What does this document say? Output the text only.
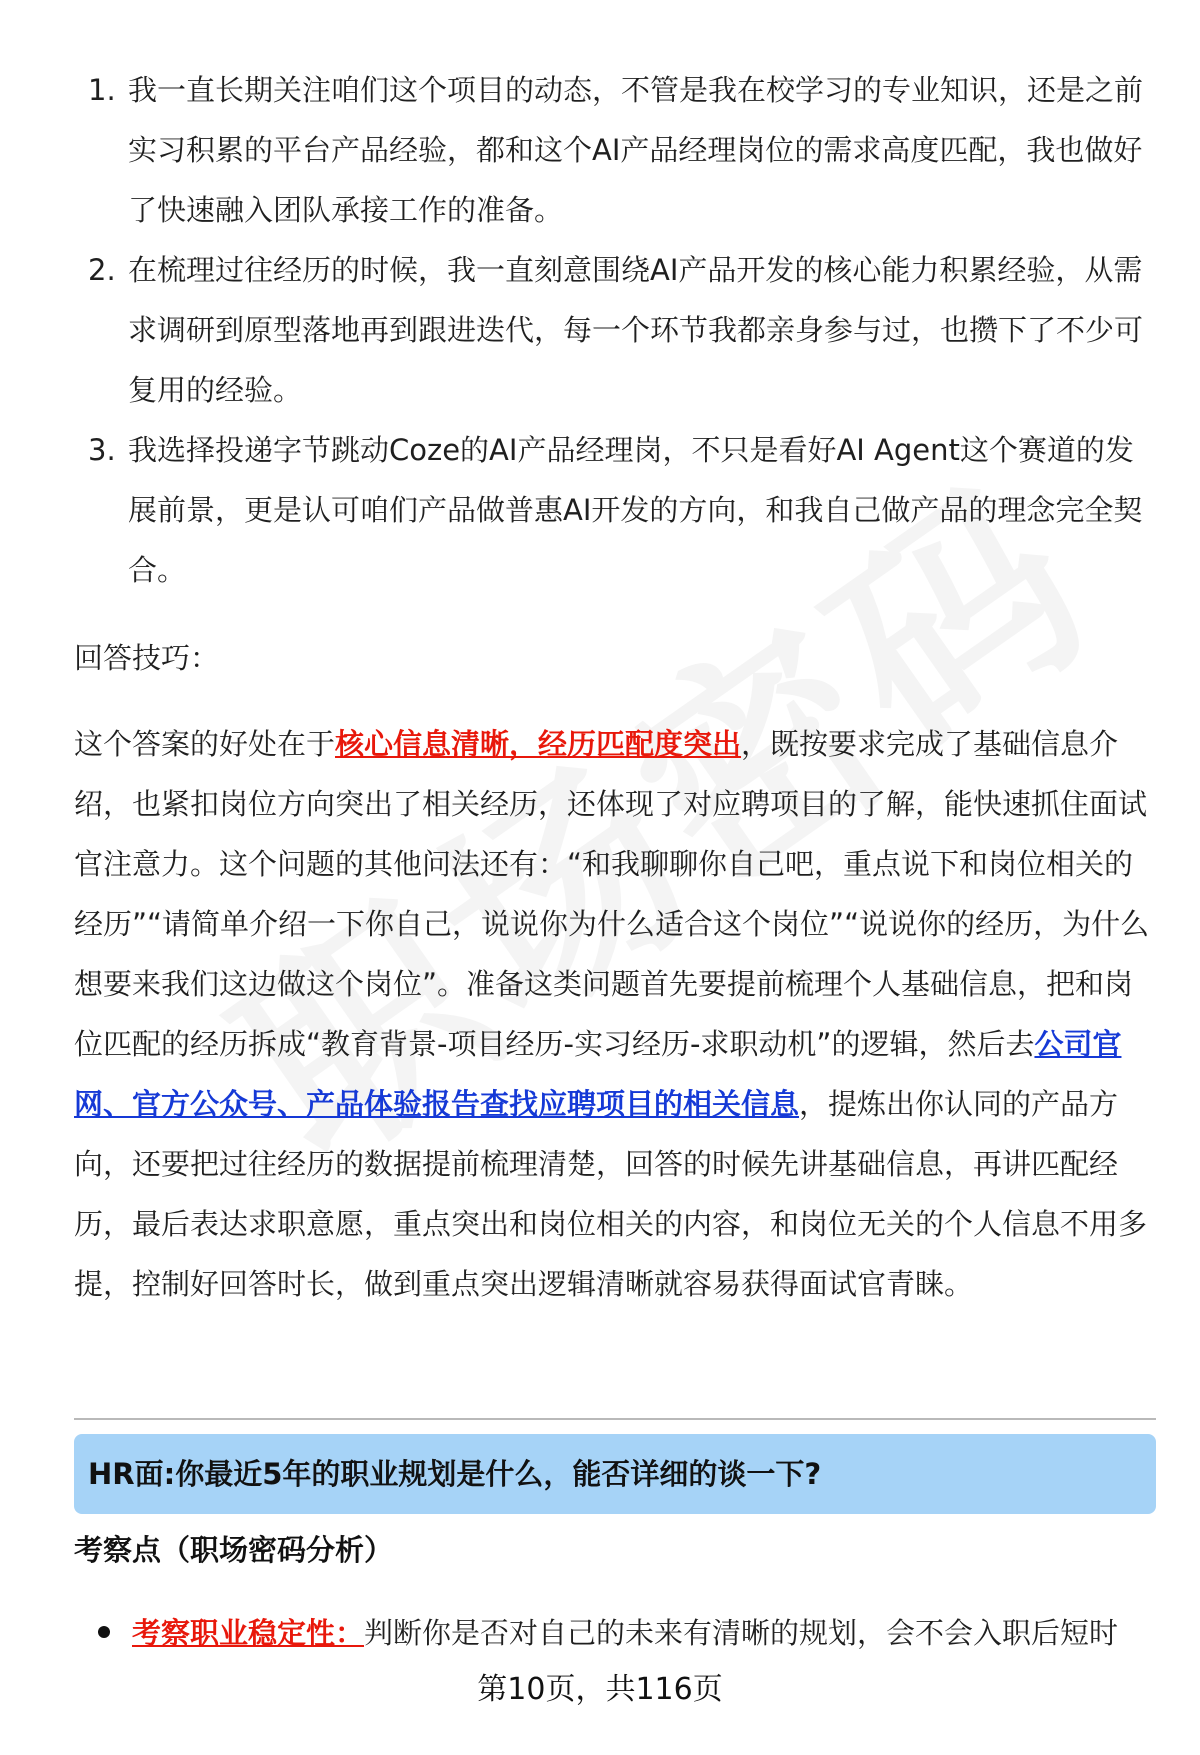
1. 我一直长期关注咱们这个项目的动态，不管是我在校学习的专业知识，还是之前实习积累的平台产品经验，都和这个AI产品经理岗位的需求高度匹配，我也做好了快速融入团队承接工作的准备。
2. 在梳理过往经历的时候，我一直刻意围绕AI产品开发的核心能力积累经验，从需求调研到原型落地再到跟进迭代，每一个环节我都亲身参与过，也攒下了不少可复用的经验。
3. 我选择投递字节跳动Coze的AI产品经理岗，不只是看好AI Agent这个赛道的发展前景，更是认可咱们产品做普惠AI开发的方向，和我自己做产品的理念完全契合。
回答技巧：
这个答案的好处在于核心信息清晰，经历匹配度突出，既按要求完成了基础信息介绍，也紧扣岗位方向突出了相关经历，还体现了对应聘项目的了解，能快速抓住面试官注意力。这个问题的其他问法还有：“和我聊聊你自己吧，重点说下和岗位相关的经历”“请简单介绍一下你自己，说说你为什么适合这个岗位”“说说你的经历，为什么想要来我们这边做这个岗位”。准备这类问题首先要提前梳理个人基础信息，把和岗位匹配的经历拆成“教育背景-项目经历-实习经历-求职动机”的逻辑，然后去公司官网、官方公众号、产品体验报告查找应聘项目的相关信息，提炼出你认同的产品方向，还要把过往经历的数据提前梳理清楚，回答的时候先讲基础信息，再讲匹配经历，最后表达求职意愿，重点突出和岗位相关的内容，和岗位无关的个人信息不用多提，控制好回答时长，做到重点突出逻辑清晰就容易获得面试官青睐。
HR面:你最近5年的职业规划是什么，能否详细的谈一下?
考察点（职场密码分析）
考察职业稳定性：判断你是否对自己的未来有清晰的规划，会不会入职后短时
第10页，共116页
